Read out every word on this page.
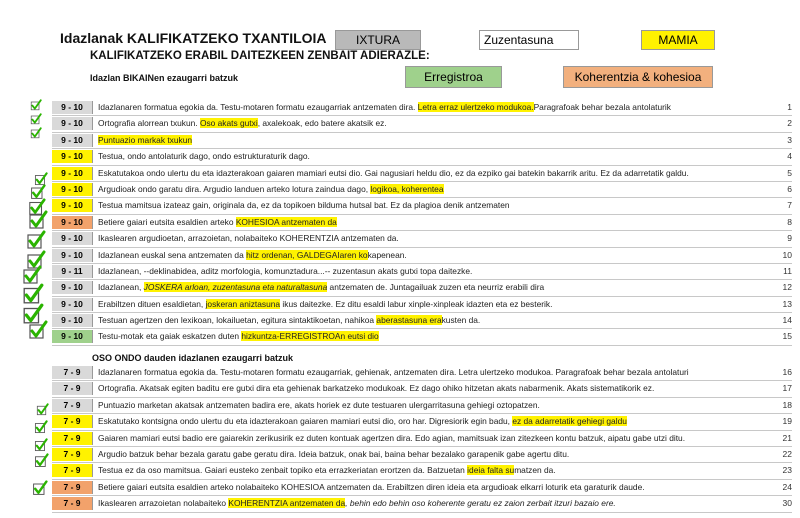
Idazlanak KALIFIKATZEKO TXANTILOIA	IXTURA	Zuzentasuna	MAMIA
KALIFIKATZEKO ERABIL DAITEZKEEN ZENBAIT ADIERAZLE:
Idazlan BIKAINen ezaugarri batzuk	Erregistroa	Koherentzia & kohesioa
9 - 10	Idazlanaren formatua egokia da. Testu-motaren formatu ezaugarriak antzematen dira. Letra erraz ulertzeko modukoa.Paragrafoak behar bezala antolaturik	1
9 - 10	Ortografia alorrean txukun. Oso akats gutxi, axalekoak, edo batere akatsik ez.	2
9 - 10	Puntuazio markak txukun	3
9 - 10	Testua, ondo antolaturik dago, ondo estrukturaturik dago.	4
9 - 10	Eskatutakoa ondo ulertu du eta idazterakoan gaiaren mamiari eutsi dio. Gai nagusiari heldu dio, ez da ezpiko gai batekin bakarrik aritu. Ez da adarretatik galdu.	5
9 - 10	Argudioak ondo garatu dira. Argudio landuen arteko lotura zaindua dago, logikoa, koherentea	6
9 - 10	Testua mamitsua izateaz gain, originala da, ez da topikoen bilduma hutsal bat. Ez da plagioa denik antzematen	7
9 - 10	Betiere gaiari eutsita esaldien arteko KOHESIOA antzematen da	8
9 - 10	Ikaslearen argudioetan, arrazoietan, nolabaiteko KOHERENTZIA antzematen da.	9
9 - 10	Idazlanean euskal sena antzematen da hitz ordenan, GALDEGAIaren kokapenean.	10
9 - 11	Idazlanean, --deklinabidea, aditz morfologia, komunztadura...-- zuzentasun akats gutxi topa daitezke.	11
9 - 10	Idazlanean, JOSKERA arloan, zuzentasuna eta naturaltasuna antzematen de. Juntagailuak zuzen eta neurriz erabili dira	12
9 - 10	Erabiltzen dituen esaldietan, joskeran aniztasuna ikus daitezke. Ez ditu esaldi labur xinple-xinpleak idazten eta ez besterik.	13
9 - 10	Testuan agertzen den lexikoan, lokailuetan, egitura sintaktikoetan, nahikoa aberastasuna erakusten da.	14
9 - 10	Testu-motak eta gaiak eskatzen duten hizkuntza-ERREGISTROAn eutsi dio	15
OSO ONDO dauden idazlanen ezaugarri batzuk
7 - 9	Idazlanaren formatua egokia da. Testu-motaren formatu ezaugarriak, gehienak, antzematen dira. Letra ulertzeko modukoa. Paragrafoak behar bezala antolaturi	16
7 - 9	Ortografia. Akatsak egiten baditu ere gutxi dira eta gehienak barkatzeko modukoak. Ez dago ohiko hitzetan akats nabarmenik. Akats sistematikorik ez.	17
7 - 9	Puntuazio marketan akatsak antzematen badira ere, akats horiek ez dute testuaren ulergarritasuna gehiegi oztopatzen.	18
7 - 9	Eskatutako kontsigna ondo ulertu du eta idazterakoan gaiaren mamiari eutsi dio, oro har. Digresiorik egin badu, ez da adarretatik gehiegi galdu	19
7 - 9	Gaiaren mamiari eutsi badio ere gaiarekin zerikusirik ez duten kontuak agertzen dira. Edo agian, mamitsuak izan zitezkeen kontu batzuk, aipatu gabe utzi ditu.	21
7 - 9	Argudio batzuk behar bezala garatu gabe geratu dira. Ideia batzuk, onak bai, baina behar bezalako garapenik gabe agertu ditu.	22
7 - 9	Testua ez da oso mamitsua. Gaiari eusteko zenbait topiko eta errazkeriatan erortzen da. Batzuetan ideia falta sumatzen da.	23
7 - 9	Betiere gaiari eutsita esaldien arteko nolabaiteko KOHESIOA antzematen da. Erabiltzen diren ideia eta argudioak elkarri loturik eta garaturik daude.	24
7 - 9	Ikaslearen arrazoietan nolabaiteko KOHERENTZIA antzematen da, behin edo behin oso koherente geratu ez zaion zerbait itzuri bazaio ere.	30
